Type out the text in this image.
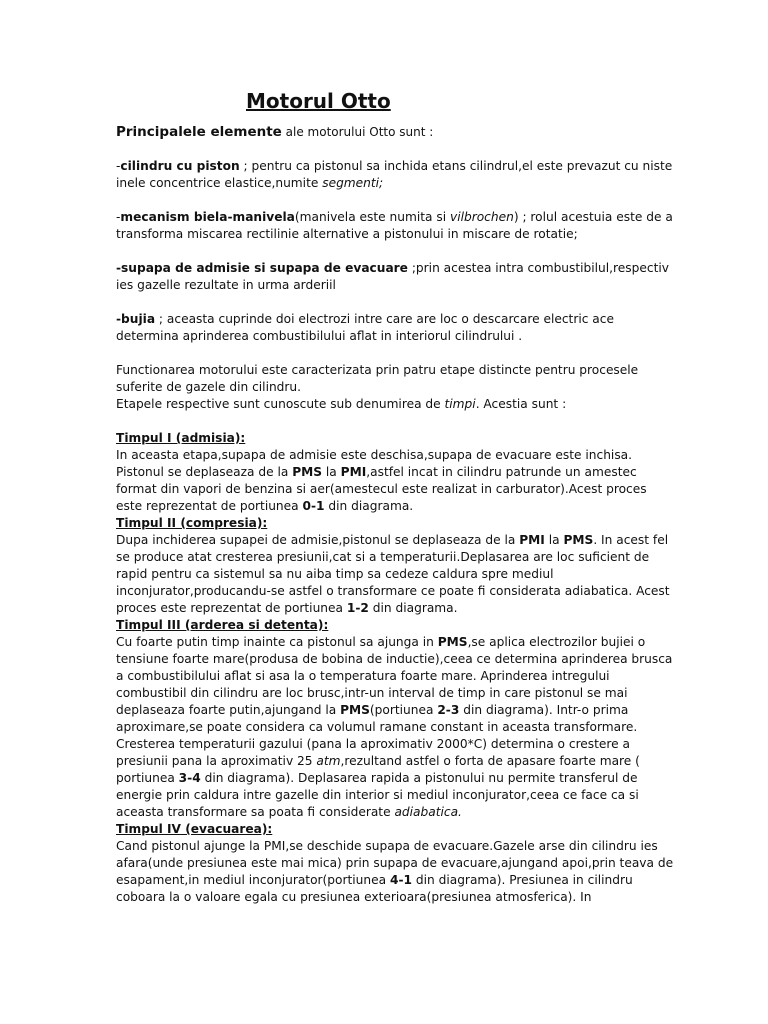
Motorul Otto

Principalele elemente ale motorului Otto sunt :

-cilindru cu piston ; pentru ca pistonul sa inchida etans cilindrul,el este prevazut cu niste inele concentrice elastice,numite segmenti;

-mecanism biela-manivela(manivela este numita si vilbrochen) ; rolul acestuia este de a transforma miscarea rectilinie alternative a pistonului in miscare de rotatie;

-supapa de admisie si supapa de evacuare ;prin acestea intra combustibilul,respectiv ies gazelle rezultate in urma arderiil

-bujia ; aceasta cuprinde doi electrozi intre care are loc o descarcare electric ace determina aprinderea combustibilului aflat in interiorul cilindrului .

Functionarea motorului este caracterizata prin patru etape distincte pentru procesele suferite de gazele din cilindru.

Etapele respective sunt cunoscute sub denumirea de timpi. Acestia sunt :

Timpul I (admisia):

In aceasta etapa,supapa de admisie este deschisa,supapa de evacuare este inchisa. Pistonul se deplaseaza de la PMS la PMI,astfel incat in cilindru patrunde un amestec format din vapori de benzina si aer(amestecul este realizat in carburator).Acest proces este reprezentat de portiunea 0-1 din diagrama.

Timpul II (compresia):

Dupa inchiderea supapei de admisie,pistonul se deplaseaza de la PMI la PMS. In acest fel se produce atat cresterea presiunii,cat si a temperaturii.Deplasarea are loc suficient de rapid pentru ca sistemul sa nu aiba timp sa cedeze caldura spre mediul inconjurator,producandu-se astfel o transformare ce poate fi considerata adiabatica. Acest proces este reprezentat de portiunea 1-2 din diagrama.

Timpul III (arderea si detenta):

Cu foarte putin timp inainte ca pistonul sa ajunga in PMS,se aplica electrozilor bujiei o tensiune foarte mare(produsa de bobina de inductie),ceea ce determina aprinderea brusca a combustibilului aflat si asa la o temperatura foarte mare. Aprinderea intregului combustibil din cilindru are loc brusc,intr-un interval de timp in care pistonul se mai deplaseaza foarte putin,ajungand la PMS(portiunea 2-3 din diagrama). Intr-o prima aproximare,se poate considera ca volumul ramane constant in aceasta transformare. Cresterea temperaturii gazului (pana la aproximativ 2000*C) determina o crestere a presiunii pana la aproximativ 25 atm,rezultand astfel o forta de apasare foarte mare ( portiunea 3-4 din diagrama). Deplasarea rapida a pistonului nu permite transferul de energie prin caldura intre gazelle din interior si mediul inconjurator,ceea ce face ca si aceasta transformare sa poata fi considerate adiabatica.

Timpul IV (evacuarea):

Cand pistonul ajunge la PMI,se deschide supapa de evacuare.Gazele arse din cilindru ies afara(unde presiunea este mai mica) prin supapa de evacuare,ajungand apoi,prin teava de esapament,in mediul inconjurator(portiunea 4-1 din diagrama). Presiunea in cilindru coboara la o valoare egala cu presiunea exterioara(presiunea atmosferica). In
